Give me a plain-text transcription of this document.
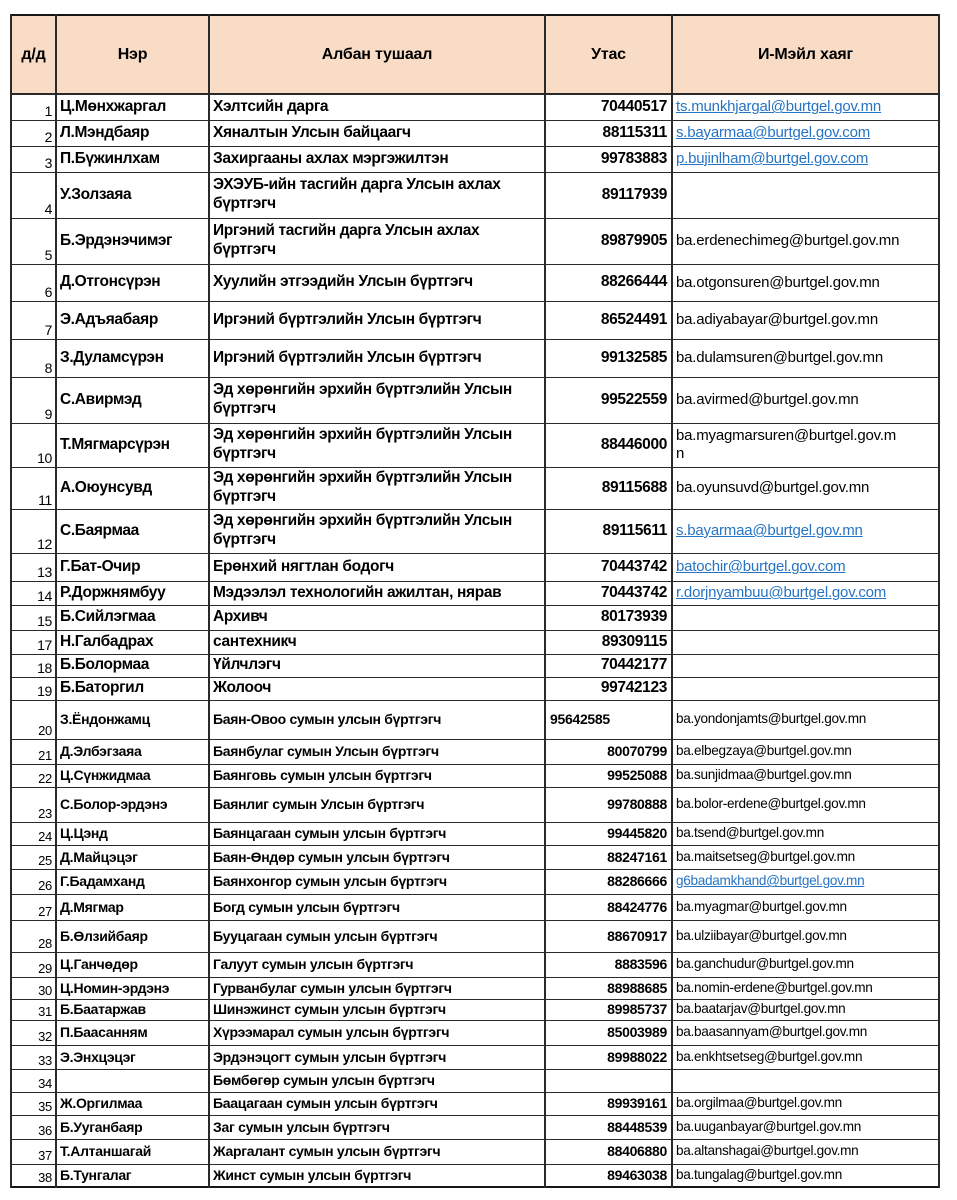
д/д	Нэр	Албан тушаал	Утас	И-Мэйл хаяг
1	Ц.Мөнхжаргал	Хэлтсийн дарга	70440517	ts.munkhjargal@burtgel.gov.mn
2	Л.Мэндбаяр	Хяналтын Улсын байцаагч	88115311	s.bayarmaa@burtgel.gov.com
3	П.Бүжинлхам	Захиргааны ахлах мэргэжилтэн	99783883	p.bujinlham@burtgel.gov.com
4	У.Золзаяа	ЭХЭУБ-ийн тасгийн дарга Улсын ахлах бүртгэгч	89117939	
5	Б.Эрдэнэчимэг	Иргэний тасгийн дарга Улсын ахлах бүртгэгч	89879905	ba.erdenechimeg@burtgel.gov.mn
6	Д.Отгонсүрэн	Хуулийн этгээдийн Улсын бүртгэгч	88266444	ba.otgonsuren@burtgel.gov.mn
7	Э.Адъяабаяр	Иргэний бүртгэлийн Улсын бүртгэгч	86524491	ba.adiyabayar@burtgel.gov.mn
8	З.Дуламсүрэн	Иргэний бүртгэлийн Улсын бүртгэгч	99132585	ba.dulamsuren@burtgel.gov.mn
9	С.Авирмэд	Эд хөрөнгийн эрхийн бүртгэлийн Улсын бүртгэгч	99522559	ba.avirmed@burtgel.gov.mn
10	Т.Мягмарсүрэн	Эд хөрөнгийн эрхийн бүртгэлийн Улсын бүртгэгч	88446000	ba.myagmarsuren@burtgel.gov.mn
11	А.Оюунсувд	Эд хөрөнгийн эрхийн бүртгэлийн Улсын бүртгэгч	89115688	ba.oyunsuvd@burtgel.gov.mn
12	С.Баярмаа	Эд хөрөнгийн эрхийн бүртгэлийн Улсын бүртгэгч	89115611	s.bayarmaa@burtgel.gov.mn
13	Г.Бат-Очир	Ерөнхий нягтлан бодогч	70443742	batochir@burtgel.gov.com
14	Р.Доржнямбуу	Мэдээлэл технологийн ажилтан, нярав	70443742	r.dorjnyambuu@burtgel.gov.com
15	Б.Сийлэгмаа	Архивч	80173939	
17	Н.Галбадрах	сантехникч	89309115	
18	Б.Болормаа	Үйлчлэгч	70442177	
19	Б.Баторгил	Жолооч	99742123	
20	З.Ёндонжамц	Баян-Овоо сумын улсын бүртгэгч	95642585	ba.yondonjamts@burtgel.gov.mn
21	Д.Элбэгзаяа	Баянбулаг сумын Улсын бүртгэгч	80070799	ba.elbegzaya@burtgel.gov.mn
22	Ц.Сүнжидмаа	Баянговь сумын улсын бүртгэгч	99525088	ba.sunjidmaa@burtgel.gov.mn
23	С.Болор-эрдэнэ	Баянлиг сумын Улсын бүртгэгч	99780888	ba.bolor-erdene@burtgel.gov.mn
24	Ц.Цэнд	Баянцагаан сумын улсын бүртгэгч	99445820	ba.tsend@burtgel.gov.mn
25	Д.Майцэцэг	Баян-Өндөр сумын улсын бүртгэгч	88247161	ba.maitsetseg@burtgel.gov.mn
26	Г.Бадамханд	Баянхонгор сумын улсын бүртгэгч	88286666	g6badamkhand@burtgel.gov.mn
27	Д.Мягмар	Богд сумын улсын бүртгэгч	88424776	ba.myagmar@burtgel.gov.mn
28	Б.Өлзийбаяр	Бууцагаан сумын улсын бүртгэгч	88670917	ba.ulziibayar@burtgel.gov.mn
29	Ц.Ганчөдөр	Галуут сумын улсын бүртгэгч	8883596	ba.ganchudur@burtgel.gov.mn
30	Ц.Номин-эрдэнэ	Гурванбулаг сумын улсын бүртгэгч	88988685	ba.nomin-erdene@burtgel.gov.mn
31	Б.Баатаржав	Шинэжинст сумын улсын бүртгэгч	89985737	ba.baatarjav@burtgel.gov.mn
32	П.Баасанням	Хүрээмарал сумын улсын бүртгэгч	85003989	ba.baasannyam@burtgel.gov.mn
33	Э.Энхцэцэг	Эрдэнэцогт сумын улсын бүртгэгч	89988022	ba.enkhtsetseg@burtgel.gov.mn
34		Бөмбөгөр сумын улсын бүртгэгч		
35	Ж.Оргилмаа	Баацагаан сумын улсын бүртгэгч	89939161	ba.orgilmaa@burtgel.gov.mn
36	Б.Ууганбаяр	Заг сумын улсын бүртгэгч	88448539	ba.uuganbayar@burtgel.gov.mn
37	Т.Алтаншагай	Жаргалант сумын улсын бүртгэгч	88406880	ba.altanshagai@burtgel.gov.mn
38	Б.Тунгалаг	Жинст сумын улсын бүртгэгч	89463038	ba.tungalag@burtgel.gov.mn
